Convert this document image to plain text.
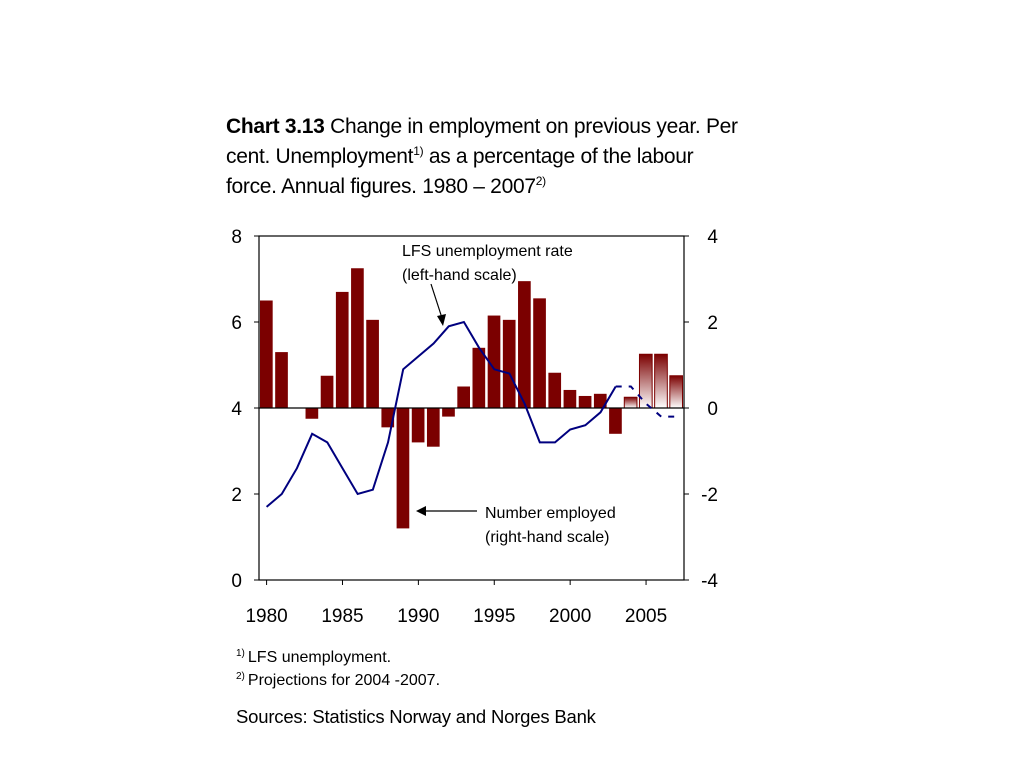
Chart 3.13 Change in employment on previous year. Per cent. Unemployment$^{1)}$ as a percentage of the labour force. Annual figures. 1980 – 2007$^{2)}$
8
6
4
2
0
4
2
0
-2
-4
1980 1985 1990 1995 2000 2005
LFS unemployment rate
(left-hand scale)
Number employed
(right-hand scale)
$^{1)}$ LFS unemployment.
$^{2)}$ Projections for 2004 -2007.
Sources: Statistics Norway and Norges Bank
